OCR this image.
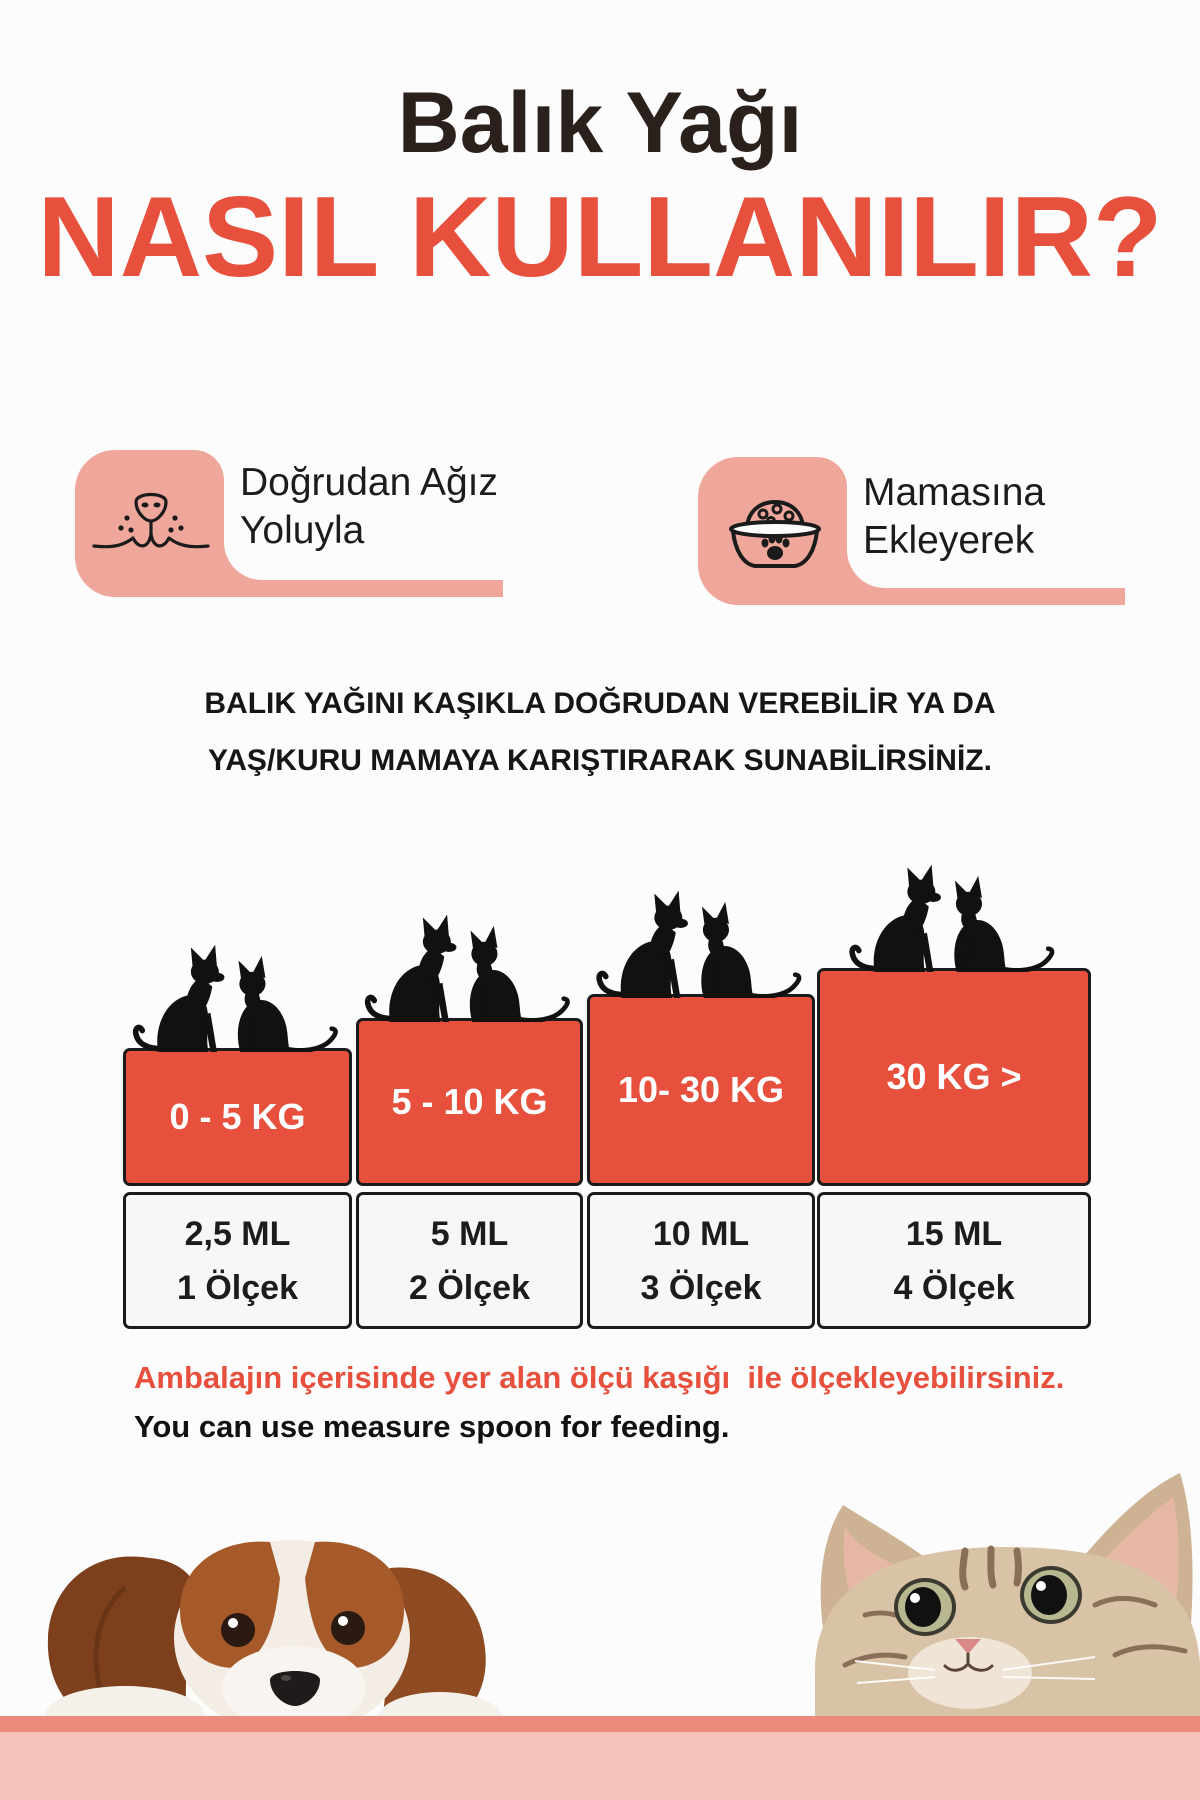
Balık Yağı
NASIL KULLANILIR?
Doğrudan Ağız
Yoluyla
Mamasına
Ekleyerek
BALIK YAĞINI KAŞIKLA DOĞRUDAN VEREBİLİR YA DA
YAŞ/KURU MAMAYA KARIŞTIRARAK SUNABİLİRSİNİZ.
0 - 5 KG
2,5 ML
1 Ölçek
5 - 10 KG
5 ML
2 Ölçek
10- 30 KG
10 ML
3 Ölçek
30 KG >
15 ML
4 Ölçek
Ambalajın içerisinde yer alan ölçü kaşığı  ile ölçekleyebilirsiniz.
You can use measure spoon for feeding.
